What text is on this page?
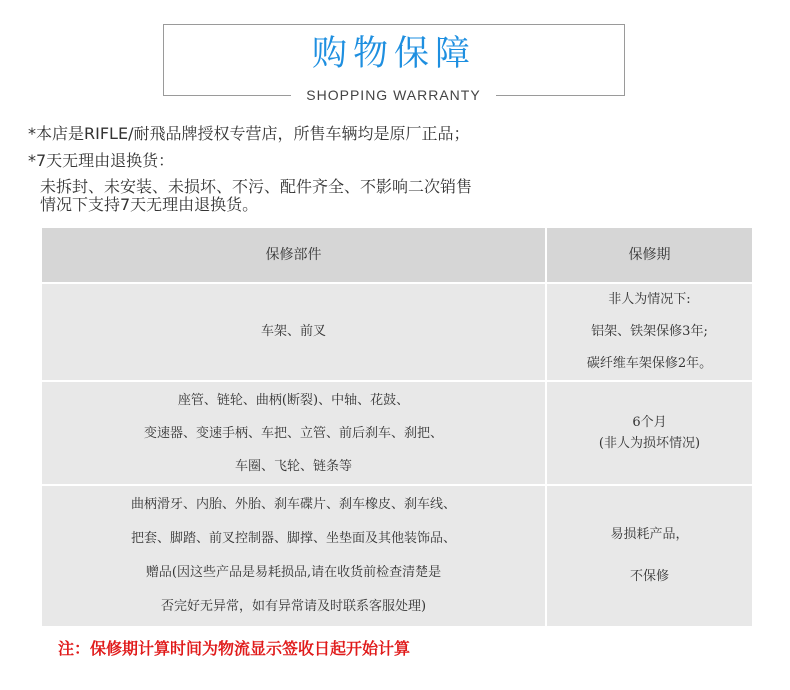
购物保障
SHOPPING WARRANTY
*本店是RIFLE/耐飛品牌授权专营店，所售车辆均是原厂正品；
*7天无理由退换货：
未拆封、未安装、未损坏、不污、配件齐全、不影响二次销售
情况下支持7天无理由退换货。
保修部件	保修期
车架、前叉	非人为情况下:
铝架、铁架保修3年;
碳纤维车架保修2年。

座管、链轮、曲柄(断裂)、中轴、花鼓、
变速器、变速手柄、车把、立管、前后刹车、刹把、
车圈、飞轮、链条等	6个月
(非人为损坏情况)

曲柄滑牙、内胎、外胎、刹车碟片、刹车橡皮、刹车线、
把套、脚踏、前叉控制器、脚撑、坐垫面及其他装饰品、
赠品(因这些产品是易耗损品,请在收货前检查清楚是
否完好无异常，如有异常请及时联系客服处理)	易损耗产品，
不保修
注：保修期计算时间为物流显示签收日起开始计算
